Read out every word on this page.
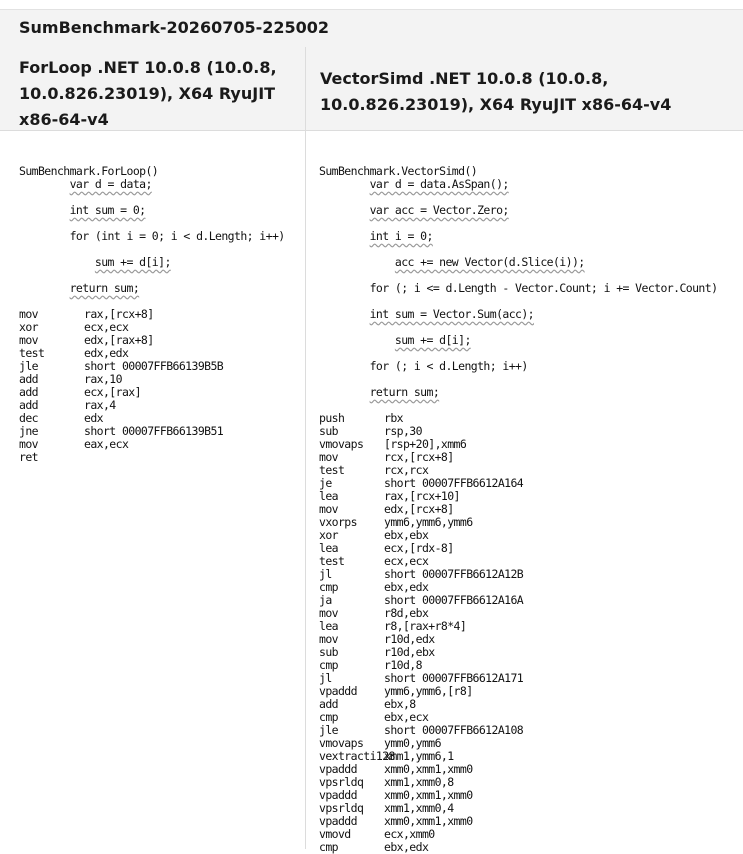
SumBenchmark-20260705-225002
ForLoop .NET 10.0.8 (10.0.8, 10.0.826.23019), X64 RyuJIT x86-64-v4
VectorSimd .NET 10.0.8 (10.0.8, 10.0.826.23019), X64 RyuJIT x86-64-v4
SumBenchmark.ForLoop()
var d = data;
int sum = 0;
for (int i = 0; i < d.Length; i++)
sum += d[i];
return sum;
mov	rax,[rcx+8]
xor	ecx,ecx
mov	edx,[rax+8]
test	edx,edx
jle	short 00007FFB66139B5B
add	rax,10
add	ecx,[rax]
add	rax,4
dec	edx
jne	short 00007FFB66139B51
mov	eax,ecx
ret
SumBenchmark.VectorSimd()
var d = data.AsSpan();
var acc = Vector.Zero;
int i = 0;
acc += new Vector(d.Slice(i));
for (; i <= d.Length - Vector.Count; i += Vector.Count)
int sum = Vector.Sum(acc);
sum += d[i];
for (; i < d.Length; i++)
return sum;
push	rbx
sub	rsp,30
vmovaps [rsp+20],xmm6
mov	rcx,[rcx+8]
test	rcx,rcx
je	short 00007FFB6612A164
lea	rax,[rcx+10]
mov	edx,[rcx+8]
vxorps ymm6,ymm6,ymm6
xor	ebx,ebx
lea	ecx,[rdx-8]
test	ecx,ecx
jl	short 00007FFB6612A12B
cmp	ebx,edx
ja	short 00007FFB6612A16A
mov	r8d,ebx
lea	r8,[rax+r8*4]
mov	r10d,edx
sub	r10d,ebx
cmp	r10d,8
jl	short 00007FFB6612A171
vpaddd ymm6,ymm6,[r8]
add	ebx,8
cmp	ebx,ecx
jle	short 00007FFB6612A108
vmovaps ymm0,ymm6
vextracti128xmm1,ymm6,1
vpaddd xmm0,xmm1,xmm0
vpsrldq xmm1,xmm0,8
vpaddd xmm0,xmm1,xmm0
vpsrldq xmm1,xmm0,4
vpaddd xmm0,xmm1,xmm0
vmovd	ecx,xmm0
cmp	ebx,edx
